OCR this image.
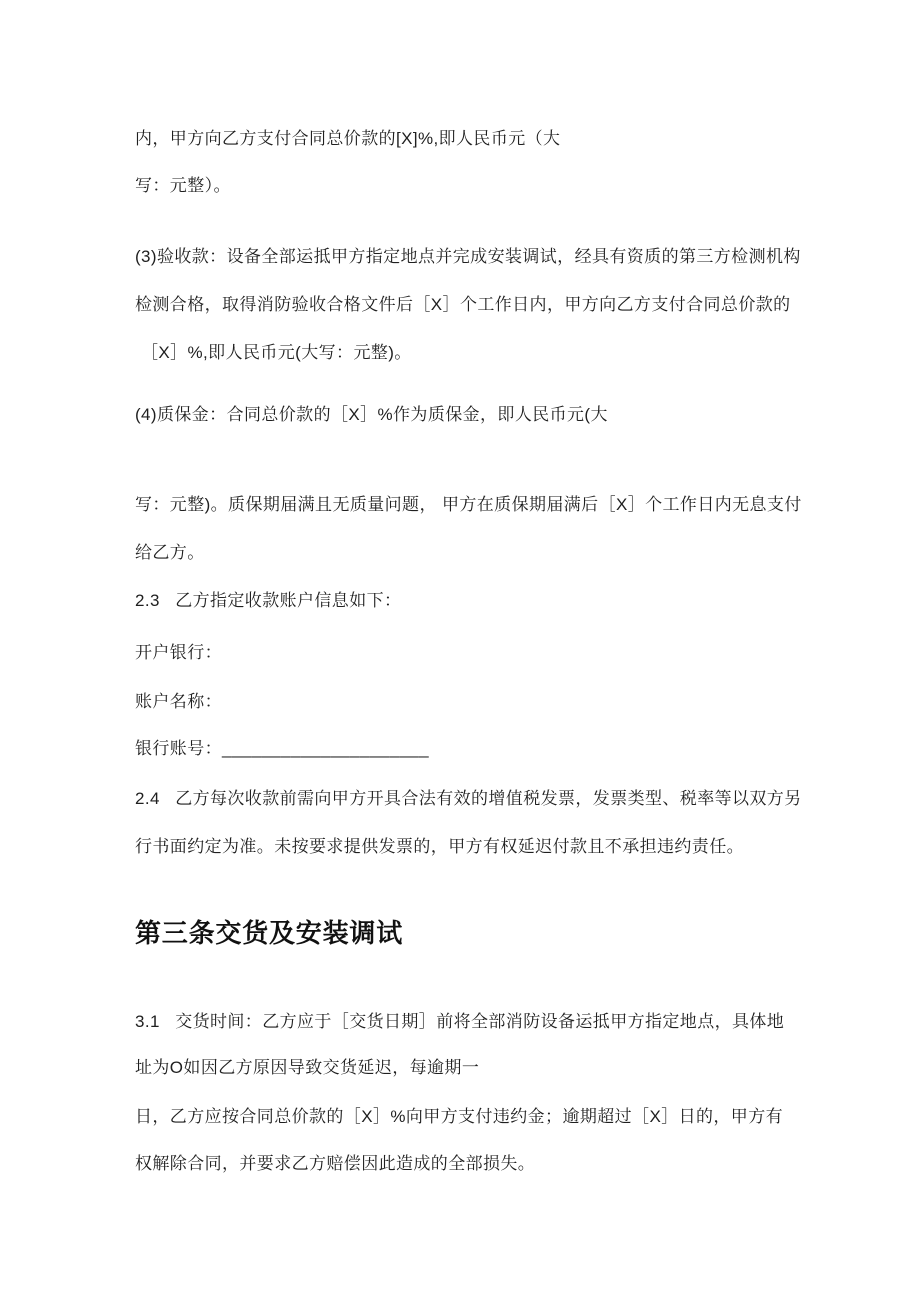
内，甲方向乙方支付合同总价款的[X]%,即人民币元（大
写：元整）。
(3)验收款：设备全部运抵甲方指定地点并完成安装调试，经具有资质的第三方检测机构
检测合格，取得消防验收合格文件后［X］个工作日内，甲方向乙方支付合同总价款的
［X］%,即人民币元(大写：元整)。
(4)质保金：合同总价款的［X］%作为质保金，即人民币元(大
写：元整)。质保期届满且无质量问题， 甲方在质保期届满后［X］个工作日内无息支付
给乙方。
2.3   乙方指定收款账户信息如下：
开户银行：
账户名称：
银行账号：_____________________
2.4   乙方每次收款前需向甲方开具合法有效的增值税发票，发票类型、税率等以双方另
行书面约定为准。未按要求提供发票的，甲方有权延迟付款且不承担违约责任。
第三条交货及安装调试
3.1   交货时间：乙方应于［交货日期］前将全部消防设备运抵甲方指定地点，具体地
址为O如因乙方原因导致交货延迟，每逾期一
日，乙方应按合同总价款的［X］%向甲方支付违约金；逾期超过［X］日的，甲方有
权解除合同，并要求乙方赔偿因此造成的全部损失。
